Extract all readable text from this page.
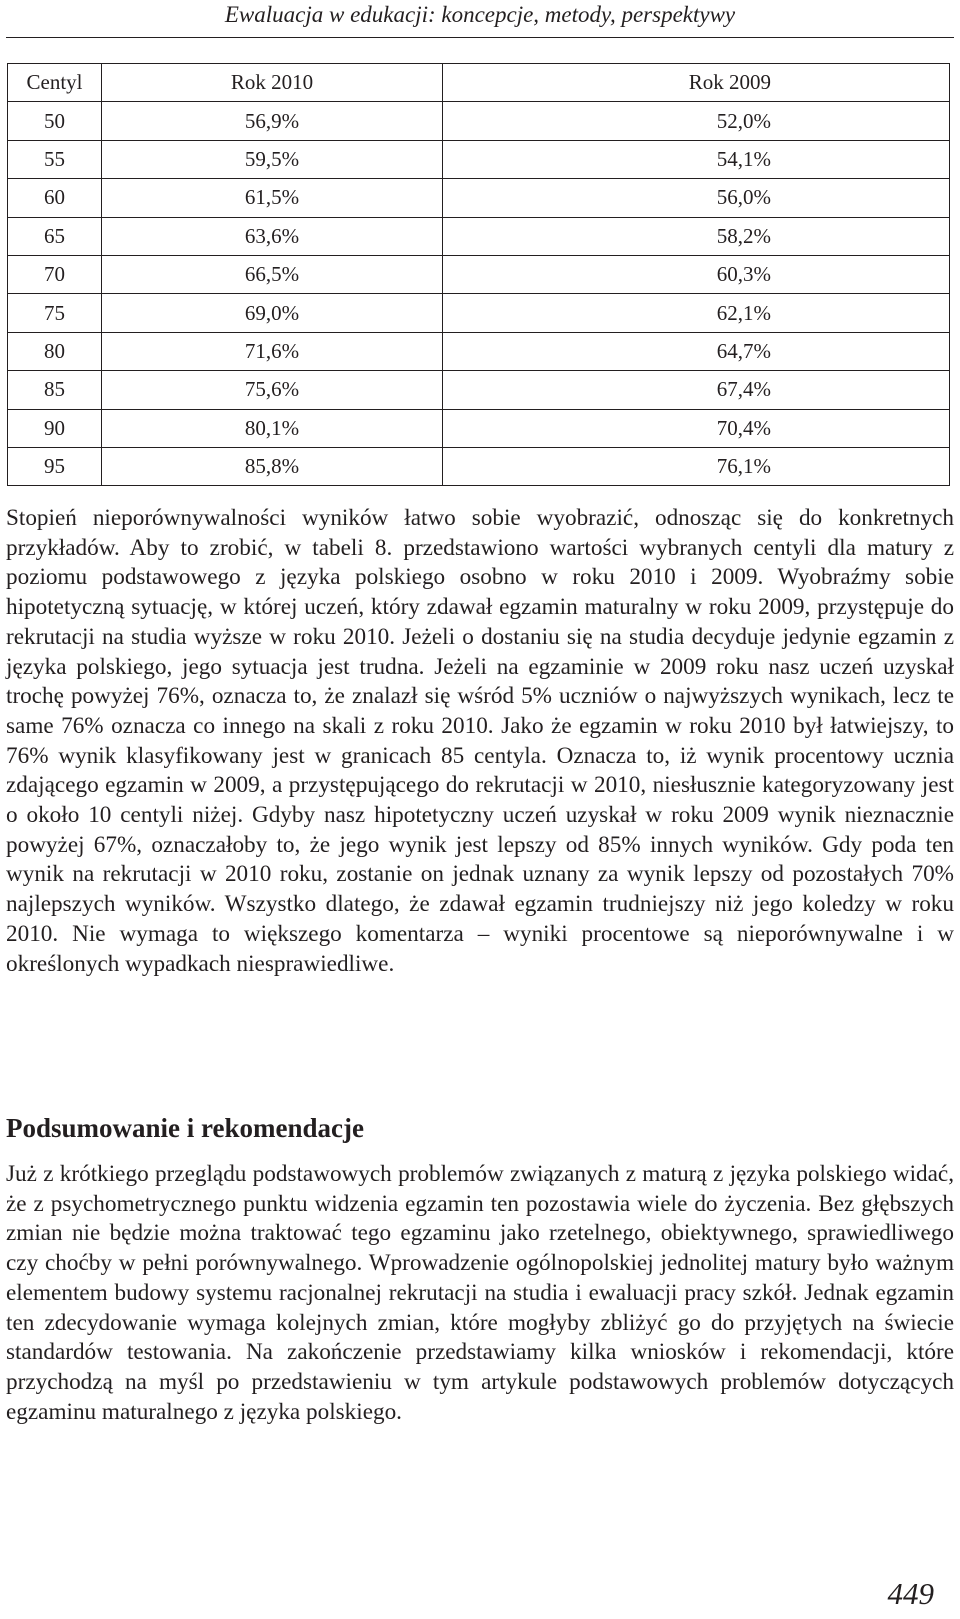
Ewaluacja w edukacji: koncepcje, metody, perspektywy
Centyl	Rok 2010	Rok 2009
50	56,9%	52,0%
55	59,5%	54,1%
60	61,5%	56,0%
65	63,6%	58,2%
70	66,5%	60,3%
75	69,0%	62,1%
80	71,6%	64,7%
85	75,6%	67,4%
90	80,1%	70,4%
95	85,8%	76,1%
Stopień nieporównywalności wyników łatwo sobie wyobrazić, odnosząc się do konkretnych przykładów. Aby to zrobić, w tabeli 8. przedstawiono wartości wybranych centyli dla matury z poziomu podstawowego z języka polskiego osobno w roku 2010 i 2009. Wyobraźmy sobie hipotetyczną sytuację, w której uczeń, który zdawał egzamin maturalny w roku 2009, przystępuje do rekrutacji na studia wyższe w roku 2010. Jeżeli o dostaniu się na studia decyduje jedynie egzamin z języka polskiego, jego sytuacja jest trudna. Jeżeli na egzaminie w 2009 roku nasz uczeń uzyskał trochę powyżej 76%, oznacza to, że znalazł się wśród 5% uczniów o najwyższych wynikach, lecz te same 76% oznacza co innego na skali z roku 2010. Jako że egzamin w roku 2010 był łatwiejszy, to 76% wynik klasyfikowany jest w granicach 85 centyla. Oznacza to, iż wynik procentowy ucznia zdającego egzamin w 2009, a przystępującego do rekrutacji w 2010, niesłusznie kategoryzowany jest o około 10 centyli niżej. Gdyby nasz hipotetyczny uczeń uzyskał w roku 2009 wynik nieznacznie powyżej 67%, oznaczałoby to, że jego wynik jest lepszy od 85% innych wyników. Gdy poda ten wynik na rekrutacji w 2010 roku, zostanie on jednak uznany za wynik lepszy od pozostałych 70% najlepszych wyników. Wszystko dlatego, że zdawał egzamin trudniejszy niż jego koledzy w roku 2010. Nie wymaga to większego komentarza – wyniki procentowe są nieporównywalne i w określonych wypadkach niesprawiedliwe.
Podsumowanie i rekomendacje
Już z krótkiego przeglądu podstawowych problemów związanych z maturą z języka polskiego widać, że z psychometrycznego punktu widzenia egzamin ten pozostawia wiele do życzenia. Bez głębszych zmian nie będzie można traktować tego egzaminu jako rzetelnego, obiektywnego, sprawiedliwego czy choćby w pełni porównywalnego. Wprowadzenie ogólnopolskiej jednolitej matury było ważnym elementem budowy systemu racjonalnej rekrutacji na studia i ewaluacji pracy szkół. Jednak egzamin ten zdecydowanie wymaga kolejnych zmian, które mogłyby zbliżyć go do przyjętych na świecie standardów testowania. Na zakończenie przedstawiamy kilka wniosków i rekomendacji, które przychodzą na myśl po przedstawieniu w tym artykule podstawowych problemów dotyczących egzaminu maturalnego z języka polskiego.
449
